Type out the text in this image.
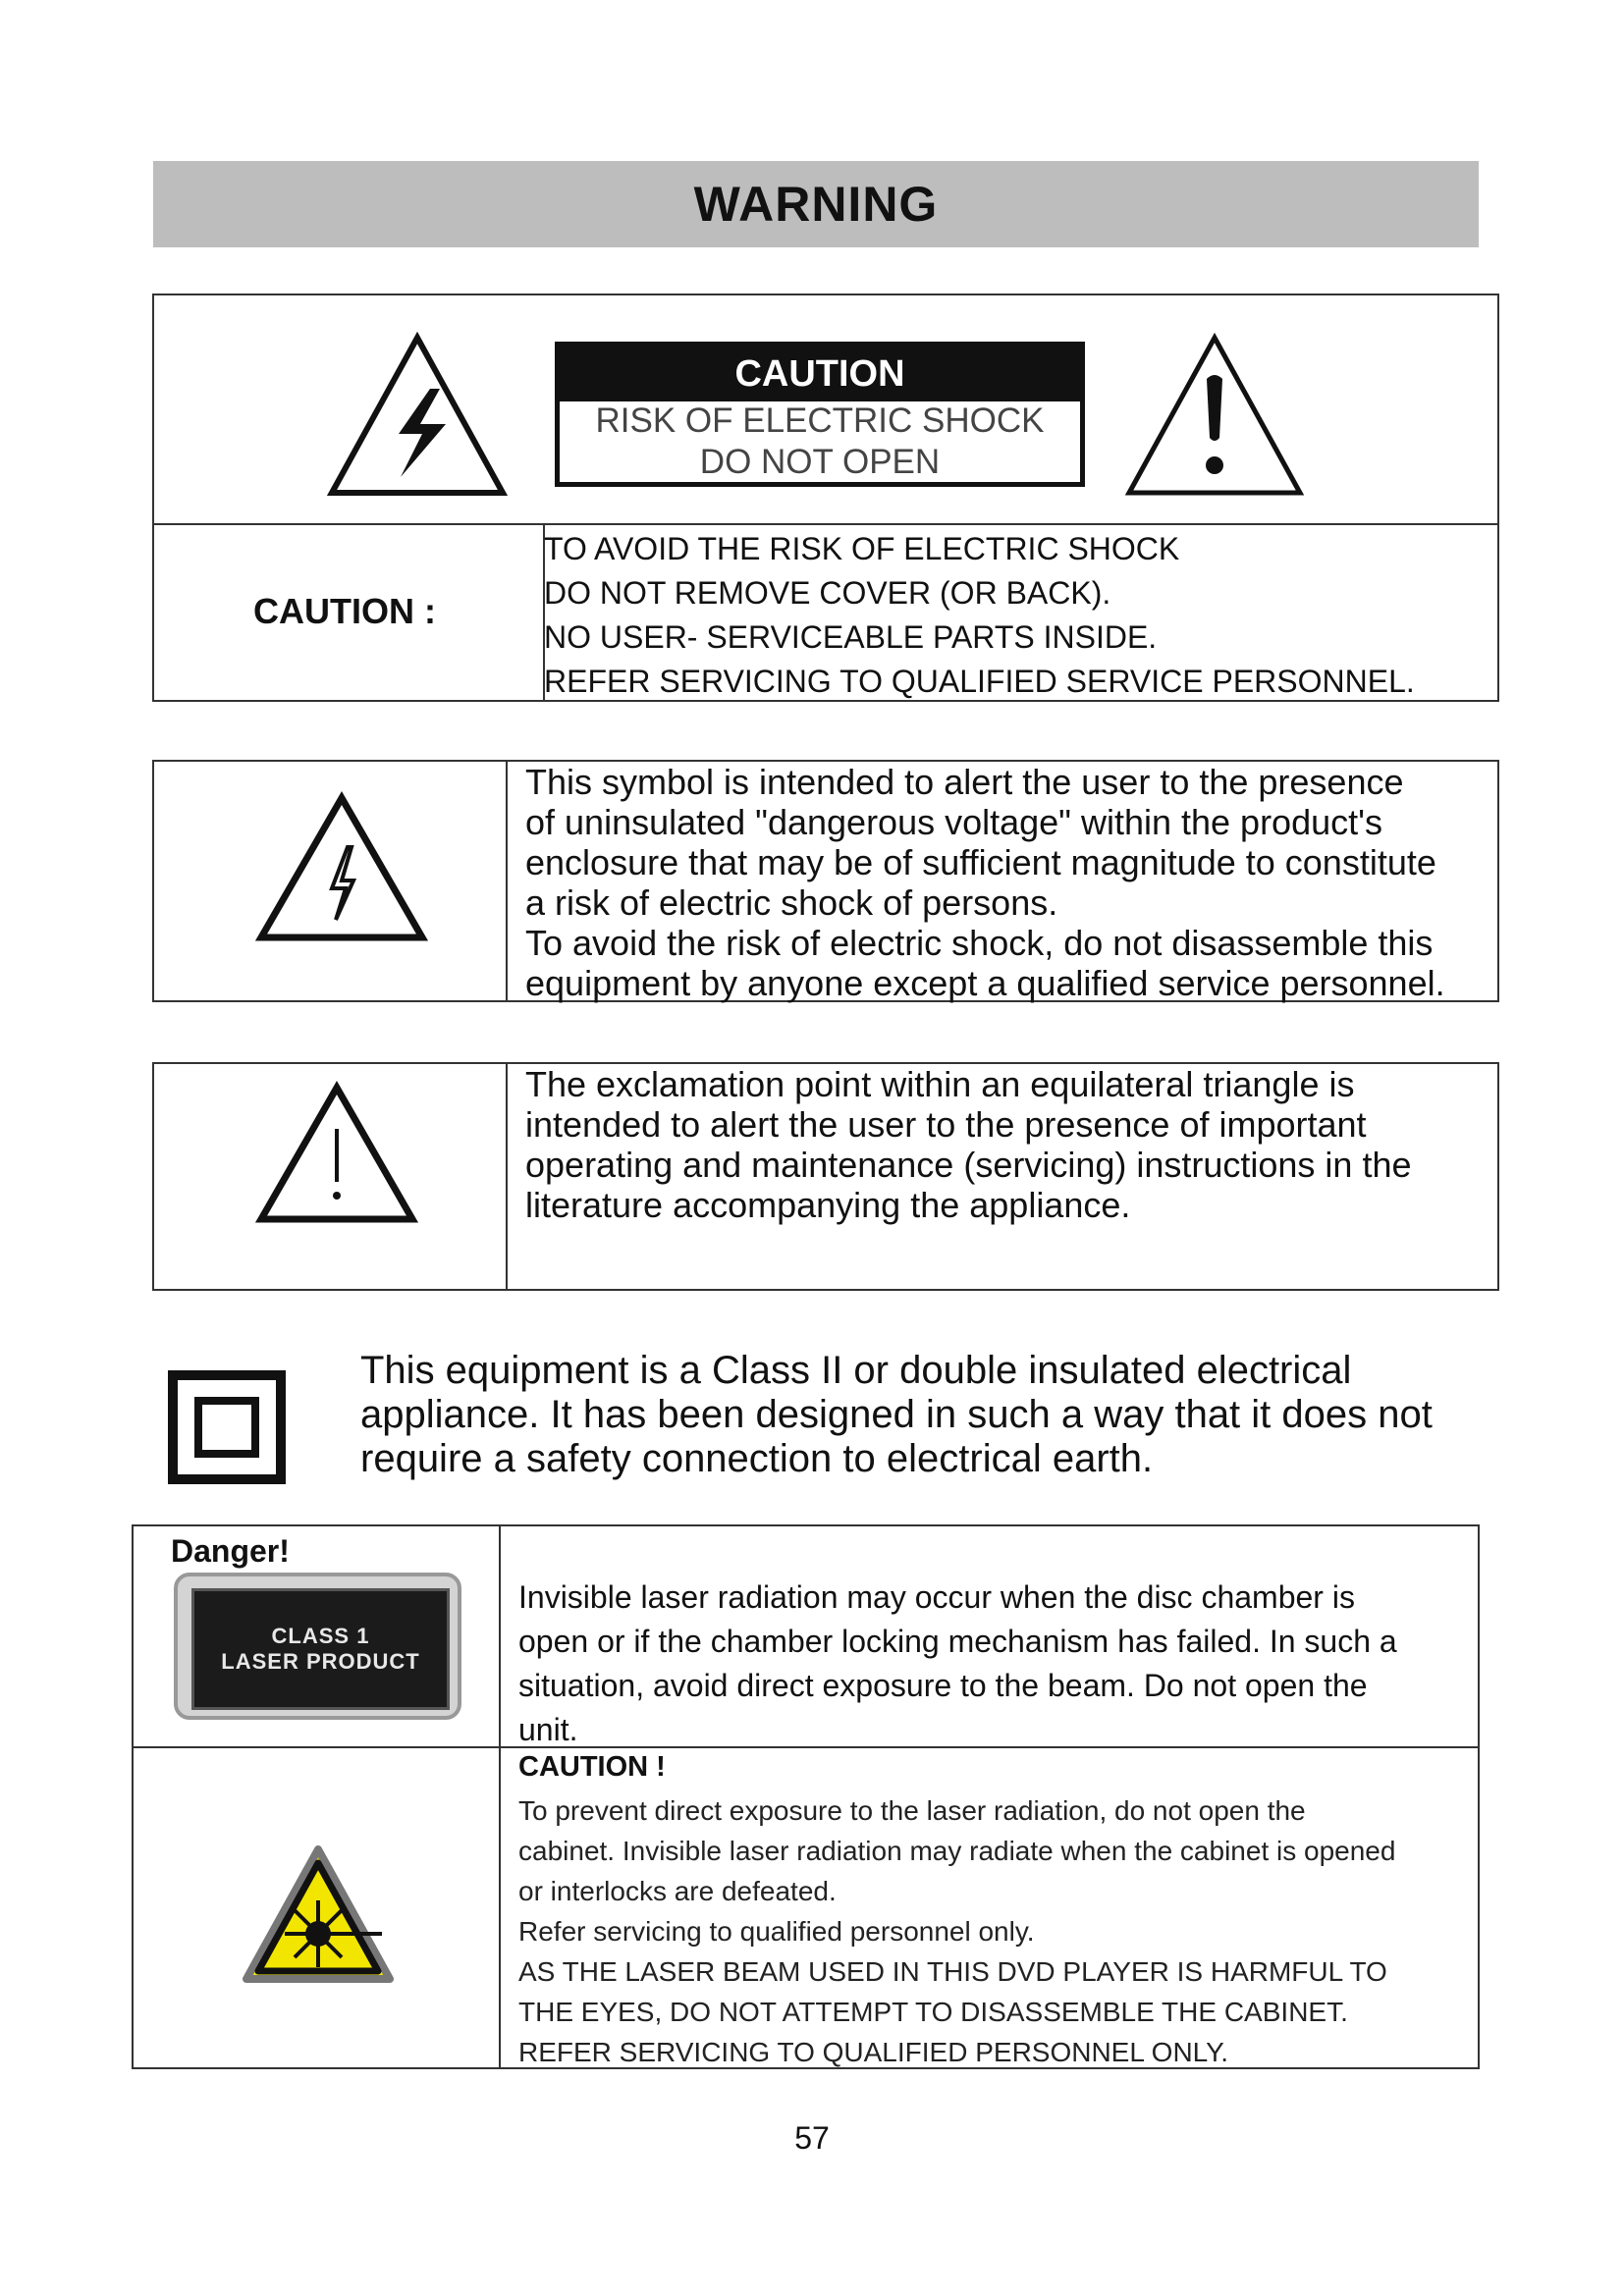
WARNING
CAUTION
RISK OF ELECTRIC SHOCK
DO NOT OPEN
CAUTION :
TO AVOID THE RISK OF ELECTRIC SHOCK
DO NOT REMOVE COVER (OR BACK).
NO USER- SERVICEABLE PARTS INSIDE.
REFER SERVICING TO QUALIFIED SERVICE PERSONNEL.
This symbol is intended to alert the user to the presence
of uninsulated "dangerous voltage" within the product's
enclosure that may be of sufficient magnitude to constitute
a risk of electric shock of persons.
To avoid the risk of electric shock, do not disassemble this
equipment by anyone except a qualified service personnel.
The exclamation point within an equilateral triangle is
intended to alert the user to the presence of important
operating and maintenance (servicing) instructions in the
literature accompanying the appliance.
This equipment is a Class II or double insulated electrical
appliance. It has been designed in such a way that it does not
require a safety connection to electrical earth.
Danger!
CLASS 1
LASER PRODUCT
Invisible laser radiation may occur when the disc chamber is
open or if the chamber locking mechanism has failed. In such a
situation, avoid direct exposure to the beam. Do not open the
unit.
CAUTION !
To prevent direct exposure to the laser radiation, do not open the
cabinet. Invisible laser radiation may radiate when the cabinet is opened
or interlocks are defeated.
Refer servicing to qualified personnel only.
AS THE LASER BEAM USED IN THIS DVD PLAYER IS HARMFUL TO
THE EYES, DO NOT ATTEMPT TO DISASSEMBLE THE CABINET.
REFER SERVICING TO QUALIFIED PERSONNEL ONLY.
57
